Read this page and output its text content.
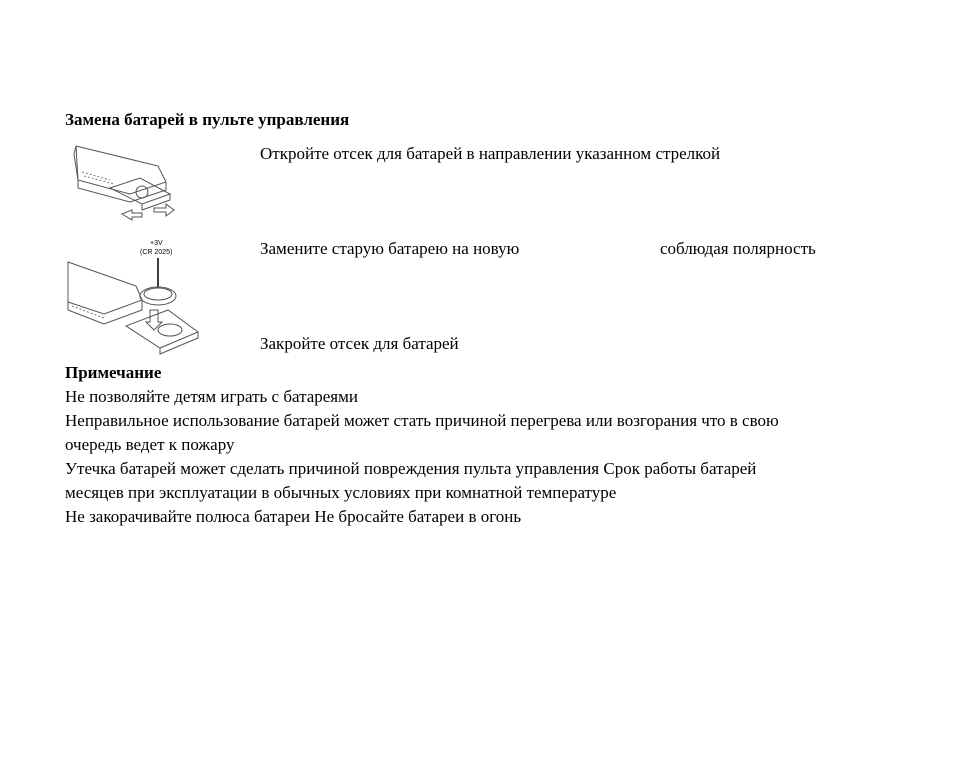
Замена батарей в пульте управления
Откройте отсек для батарей в направлении указанном стрелкой
+3V
(CR 2025)	Замените старую батарею на новую	соблюдая полярность
Закройте отсек для батарей
Примечание
Не позволяйте детям играть с батареями
Неправильное использование батарей может стать причиной перегрева или возгорания что в свою
очередь ведет к пожару
Утечка батарей может сделать причиной повреждения пульта управления Срок работы батарей
месяцев при эксплуатации в обычных условиях при комнатной температуре
Не закорачивайте полюса батареи Не бросайте батареи в огонь
